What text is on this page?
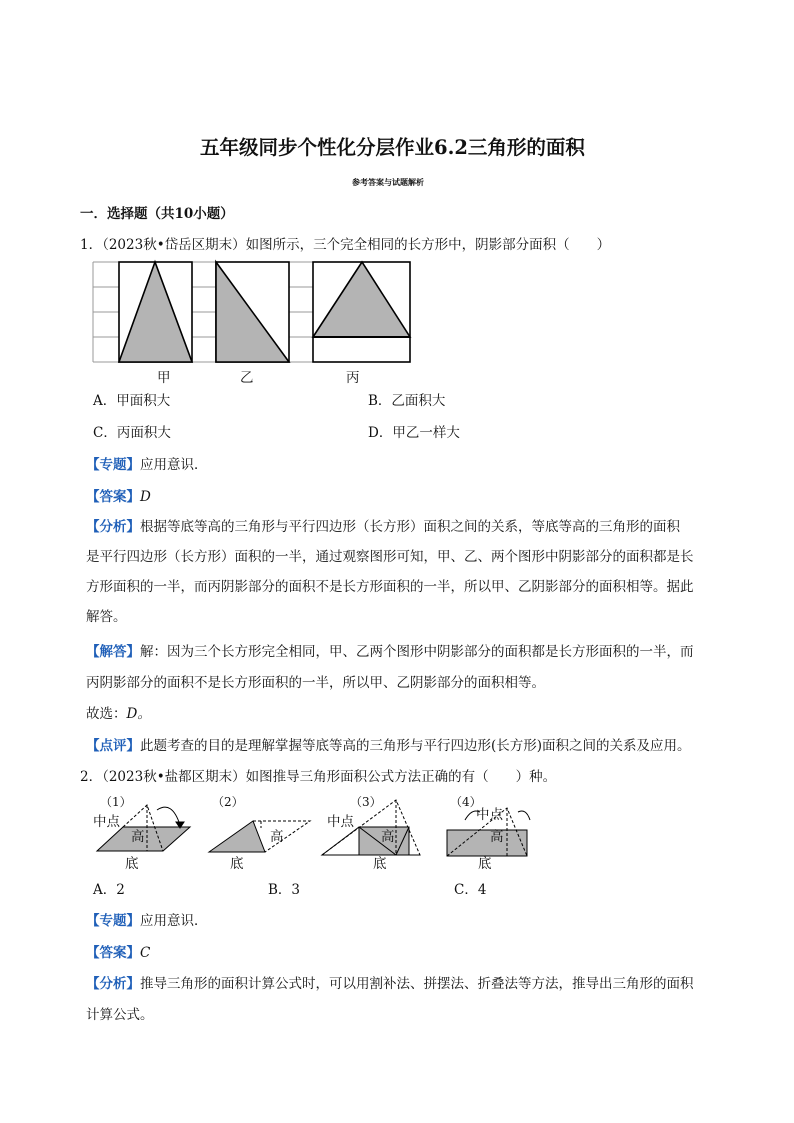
五年级同步个性化分层作业6.2三角形的面积
参考答案与试题解析
一．选择题（共10小题）
1．（2023秋•岱岳区期末）如图所示，三个完全相同的长方形中，阴影部分面积（　　）
甲	乙	丙
A．甲面积大	B．乙面积大
C．丙面积大	D．甲乙一样大
【专题】应用意识．
【答案】D
【分析】根据等底等高的三角形与平行四边形（长方形）面积之间的关系，等底等高的三角形的面积
是平行四边形（长方形）面积的一半，通过观察图形可知，甲、乙、两个图形中阴影部分的面积都是长
方形面积的一半，而丙阴影部分的面积不是长方形面积的一半，所以甲、乙阴影部分的面积相等。据此
解答。
【解答】解：因为三个长方形完全相同，甲、乙两个图形中阴影部分的面积都是长方形面积的一半，而
丙阴影部分的面积不是长方形面积的一半，所以甲、乙阴影部分的面积相等。
故选：D。
【点评】此题考查的目的是理解掌握等底等高的三角形与平行四边形(长方形)面积之间的关系及应用。
2．（2023秋•盐都区期末）如图推导三角形面积公式方法正确的有（　　）种。
（1）	（2）	（3）	（4）
中点
高
底
高
底
中点
高
底
中点
高
底
A．2	B．3	C．4
【专题】应用意识．
【答案】C
【分析】推导三角形的面积计算公式时，可以用割补法、拼摆法、折叠法等方法，推导出三角形的面积
计算公式。
